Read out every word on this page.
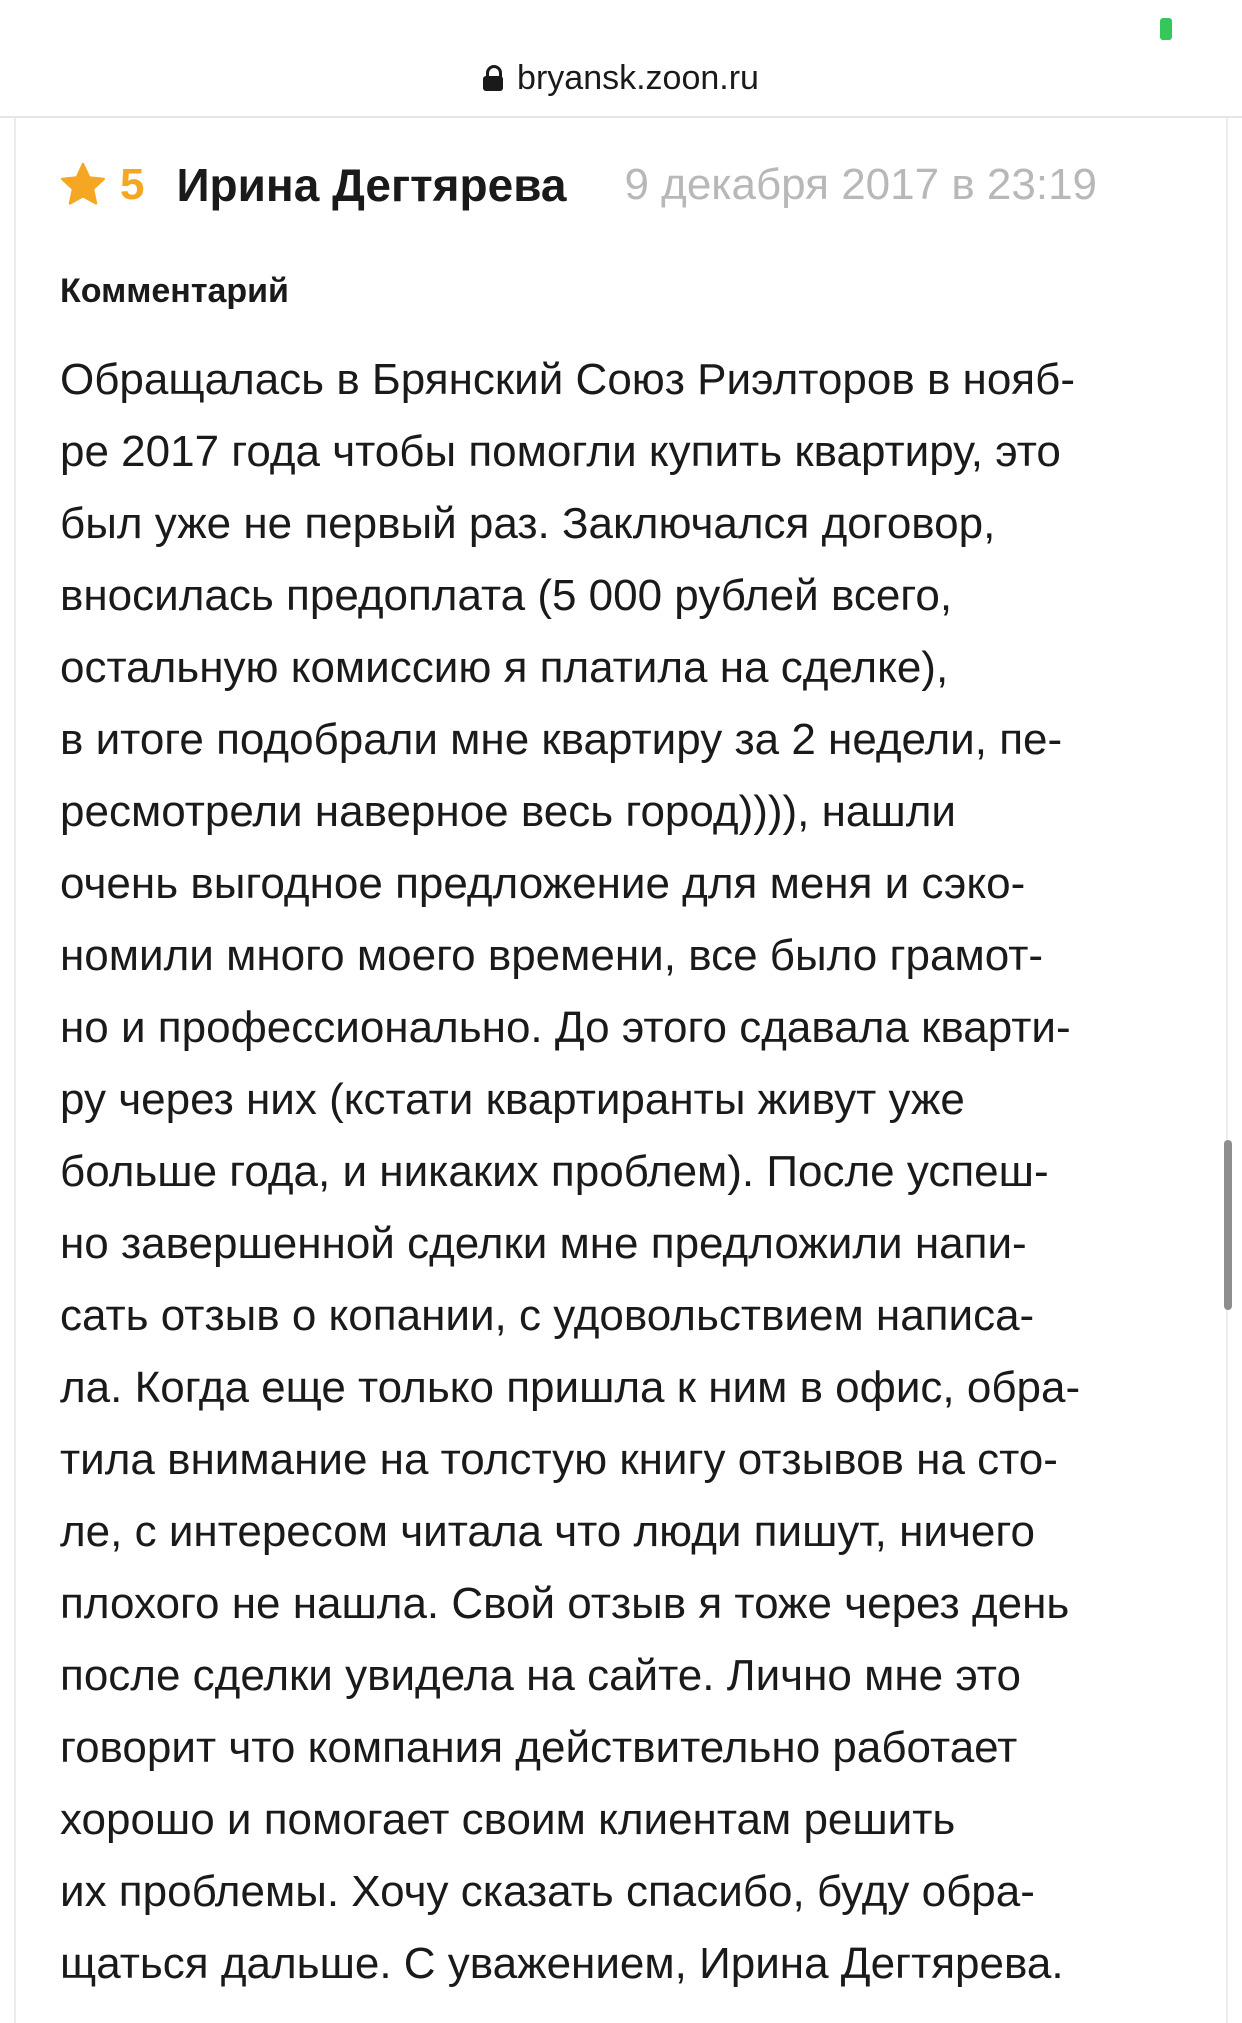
bryansk.zoon.ru
5 Ирина Дегтярева 9 декабря 2017 в 23:19
Комментарий
Обращалась в Брянский Союз Риэлторов в нояб-
ре 2017 года чтобы помогли купить квартиру, это
был уже не первый раз. Заключался договор,
вносилась предоплата (5 000 рублей всего,
остальную комиссию я платила на сделке),
в итоге подобрали мне квартиру за 2 недели, пе-
ресмотрели наверное весь город)))), нашли
очень выгодное предложение для меня и сэко-
номили много моего времени, все было грамот-
но и профессионально. До этого сдавала кварти-
ру через них (кстати квартиранты живут уже
больше года, и никаких проблем). После успеш-
но завершенной сделки мне предложили напи-
сать отзыв о копании, с удовольствием написа-
ла. Когда еще только пришла к ним в офис, обра-
тила внимание на толстую книгу отзывов на сто-
ле, с интересом читала что люди пишут, ничего
плохого не нашла. Свой отзыв я тоже через день
после сделки увидела на сайте. Лично мне это
говорит что компания действительно работает
хорошо и помогает своим клиентам решить
их проблемы. Хочу сказать спасибо, буду обра-
щаться дальше. С уважением, Ирина Дегтярева.
